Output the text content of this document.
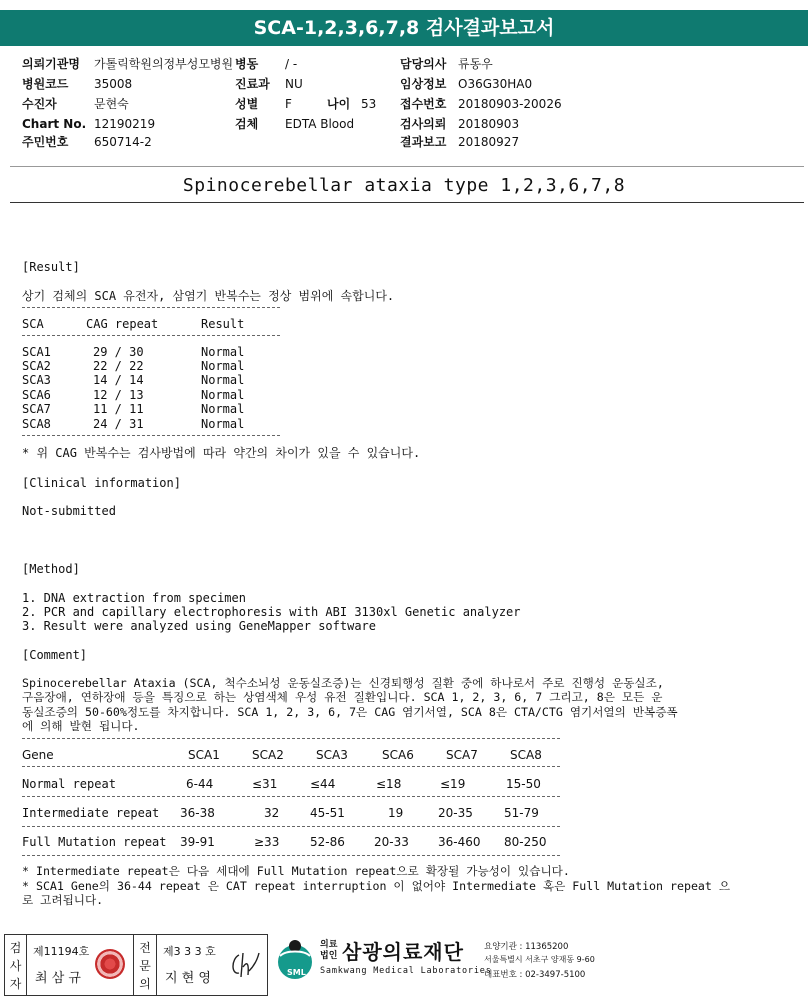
SCA-1,2,3,6,7,8 검사결과보고서
의뢰기관명 가톨릭학원의정부성모병원 병동 / -	담당의사 류동우
병원코드 35008	진료과 NU	임상정보 O36G30HA0
수진자	문현숙	성별 F	나이 53 접수번호 20180903-20026
Chart No. 12190219	검체 EDTA Blood	검사의뢰 20180903
주민번호 650714-2	결과보고 20180927
Spinocerebellar ataxia type 1,2,3,6,7,8
[Result]
상기 검체의 SCA 유전자, 삼염기 반복수는 정상 범위에 속합니다.
SCA	CAG repeat	Result
SCA1	29 / 30	Normal
SCA2	22 / 22	Normal
SCA3	14 / 14	Normal
SCA6	12 / 13	Normal
SCA7	11 / 11	Normal
SCA8	24 / 31	Normal
* 위 CAG 반복수는 검사방법에 따라 약간의 차이가 있을 수 있습니다.
[Clinical information]
Not-submitted
[Method]
1. DNA extraction from specimen
2. PCR and capillary electrophoresis with ABI 3130xl Genetic analyzer
3. Result were analyzed using GeneMapper software
[Comment]
Spinocerebellar Ataxia (SCA, 척수소뇌성 운동실조증)는 신경퇴행성 질환 중에 하나로서 주로 진행성 운동실조,
구음장애, 연하장애 등을 특징으로 하는 상염색체 우성 유전 질환입니다. SCA 1, 2, 3, 6, 7 그리고, 8은 모든 운
동실조증의 50-60%정도를 차지합니다. SCA 1, 2, 3, 6, 7은 CAG 염기서열, SCA 8은 CTA/CTG 염기서열의 반복증폭
에 의해 발현 됩니다.
Gene	SCA1	SCA2	SCA3	SCA6	SCA7	SCA8
Normal repeat	6-44	≤31	≤44	≤18	≤19	15-50
Intermediate repeat 36-38	32	45-51	19	20-35	51-79
Full Mutation repeat 39-91	≥33	52-86 20-33 36-460 80-250
* Intermediate repeat은 다음 세대에 Full Mutation repeat으로 확장될 가능성이 있습니다.
* SCA1 Gene의 36-44 repeat 은 CAT repeat interruption 이 없어야 Intermediate 혹은 Full Mutation repeat 으
로 고려됩니다.
검사자
제11194호
최 삼 규
전문의
제3 3 3 호
지 현 영	SML
의료
법인 삼광의료재단
Samkwang Medical Laboratories
요양기관 : 11365200
서울특별시 서초구 양재동 9-60
대표번호 : 02-3497-5100
